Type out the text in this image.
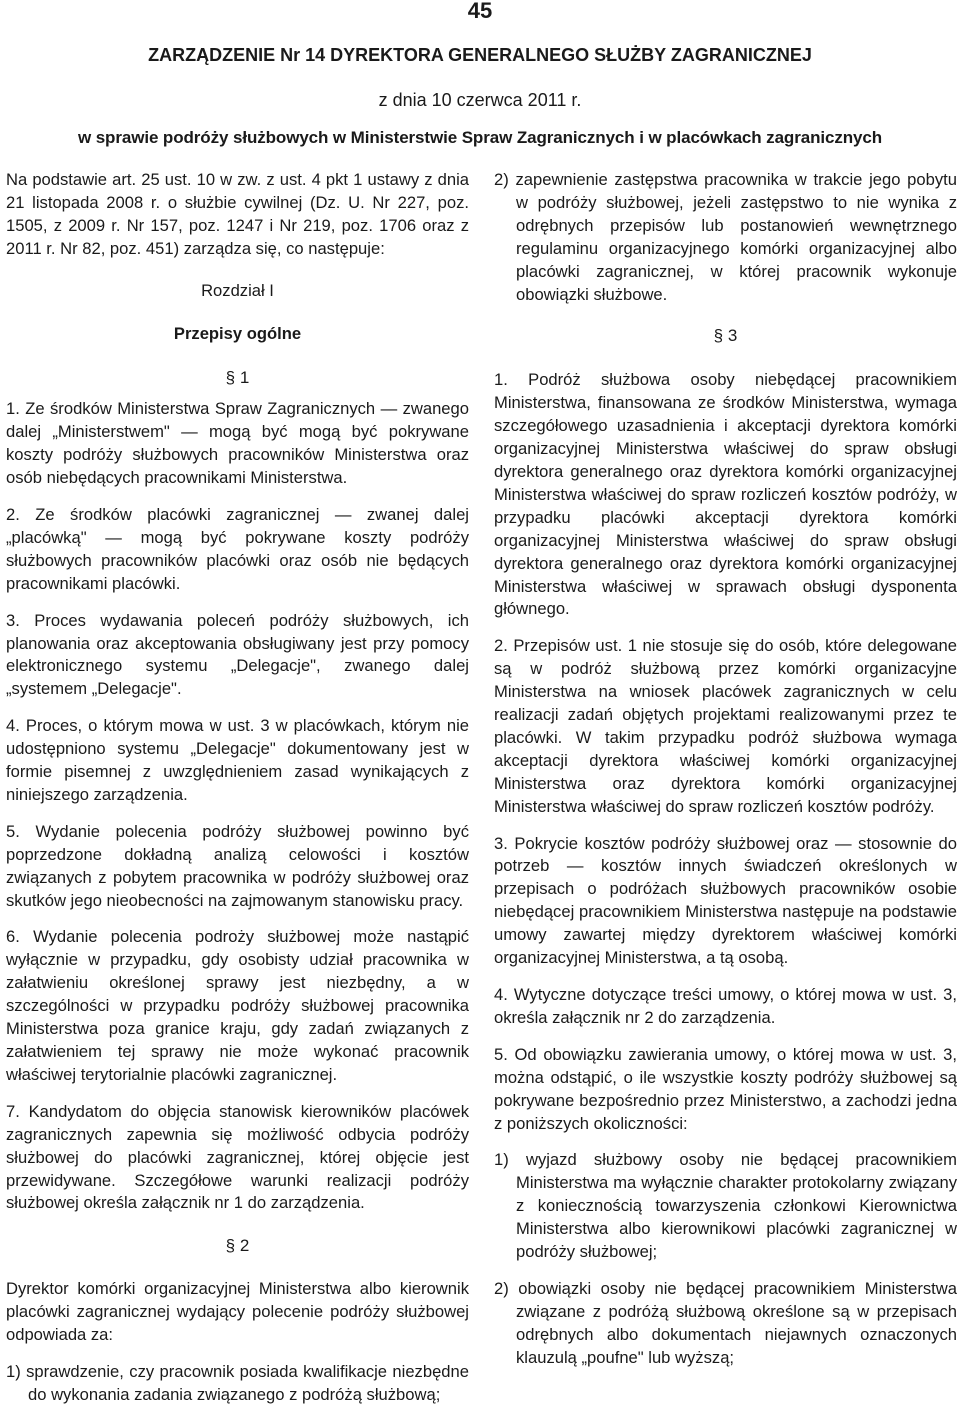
45
ZARZĄDZENIE Nr 14 DYREKTORA GENERALNEGO SŁUŻBY ZAGRANICZNEJ
z dnia 10 czerwca 2011 r.
w sprawie podróży służbowych w Ministerstwie Spraw Zagranicznych i w placówkach zagranicznych

Na podstawie art. 25 ust. 10 w zw. z ust. 4 pkt 1 ustawy z dnia 21 listopada 2008 r. o służbie cywilnej (Dz. U. Nr 227, poz. 1505, z 2009 r. Nr 157, poz. 1247 i Nr 219, poz. 1706 oraz z 2011 r. Nr 82, poz. 451) zarządza się, co następuje:

Rozdział I

Przepisy ogólne

§ 1

1. Ze środków Ministerstwa Spraw Zagranicznych — zwanego dalej „Ministerstwem" — mogą być mogą być pokrywane koszty podróży służbowych pracowników Ministerstwa oraz osób niebędących pracownikami Ministerstwa.

2. Ze środków placówki zagranicznej — zwanej dalej „placówką" — mogą być pokrywane koszty podróży służbowych pracowników placówki oraz osób nie będących pracownikami placówki.

3. Proces wydawania poleceń podróży służbowych, ich planowania oraz akceptowania obsługiwany jest przy pomocy elektronicznego systemu „Delegacje", zwanego dalej „systemem „Delegacje".

4. Proces, o którym mowa w ust. 3 w placówkach, którym nie udostępniono systemu „Delegacje" dokumentowany jest w formie pisemnej z uwzględnieniem zasad wynikających z niniejszego zarządzenia.

5. Wydanie polecenia podróży służbowej powinno być poprzedzone dokładną analizą celowości i kosztów związanych z pobytem pracownika w podróży służbowej oraz skutków jego nieobecności na zajmowanym stanowisku pracy.

6. Wydanie polecenia podroży służbowej może nastąpić wyłącznie w przypadku, gdy osobisty udział pracownika w załatwieniu określonej sprawy jest niezbędny, a w szczególności w przypadku podróży służbowej pracownika Ministerstwa poza granice kraju, gdy zadań związanych z załatwieniem tej sprawy nie może wykonać pracownik właściwej terytorialnie placówki zagranicznej.

7. Kandydatom do objęcia stanowisk kierowników placówek zagranicznych zapewnia się możliwość odbycia podróży służbowej do placówki zagranicznej, której objęcie jest przewidywane. Szczegółowe warunki realizacji podróży służbowej określa załącznik nr 1 do zarządzenia.

§ 2

Dyrektor komórki organizacyjnej Ministerstwa albo kierownik placówki zagranicznej wydający polecenie podróży służbowej odpowiada za:

1) sprawdzenie, czy pracownik posiada kwalifikacje niezbędne do wykonania zadania związanego z podróżą służbową;

2) zapewnienie zastępstwa pracownika w trakcie jego pobytu w podróży służbowej, jeżeli zastępstwo to nie wynika z odrębnych przepisów lub postanowień wewnętrznego regulaminu organizacyjnego komórki organizacyjnej albo placówki zagranicznej, w której pracownik wykonuje obowiązki służbowe.

§ 3

1. Podróż służbowa osoby niebędącej pracownikiem Ministerstwa, finansowana ze środków Ministerstwa, wymaga szczegółowego uzasadnienia i akceptacji dyrektora komórki organizacyjnej Ministerstwa właściwej do spraw obsługi dyrektora generalnego oraz dyrektora komórki organizacyjnej Ministerstwa właściwej do spraw rozliczeń kosztów podróży, w przypadku placówki akceptacji dyrektora komórki organizacyjnej Ministerstwa właściwej do spraw obsługi dyrektora generalnego oraz dyrektora komórki organizacyjnej Ministerstwa właściwej w sprawach obsługi dysponenta głównego.

2. Przepisów ust. 1 nie stosuje się do osób, które delegowane są w podróż służbową przez komórki organizacyjne Ministerstwa na wniosek placówek zagranicznych w celu realizacji zadań objętych projektami realizowanymi przez te placówki. W takim przypadku podróż służbowa wymaga akceptacji dyrektora właściwej komórki organizacyjnej Ministerstwa oraz dyrektora komórki organizacyjnej Ministerstwa właściwej do spraw rozliczeń kosztów podróży.

3. Pokrycie kosztów podróży służbowej oraz — stosownie do potrzeb — kosztów innych świadczeń określonych w przepisach o podróżach służbowych pracowników osobie niebędącej pracownikiem Ministerstwa następuje na podstawie umowy zawartej między dyrektorem właściwej komórki organizacyjnej Ministerstwa, a tą osobą.

4. Wytyczne dotyczące treści umowy, o której mowa w ust. 3, określa załącznik nr 2 do zarządzenia.

5. Od obowiązku zawierania umowy, o której mowa w ust. 3, można odstąpić, o ile wszystkie koszty podróży służbowej są pokrywane bezpośrednio przez Ministerstwo, a zachodzi jedna z poniższych okoliczności:

1) wyjazd służbowy osoby nie będącej pracownikiem Ministerstwa ma wyłącznie charakter protokolarny związany z koniecznością towarzyszenia członkowi Kierownictwa Ministerstwa albo kierownikowi placówki zagranicznej w podróży służbowej;

2) obowiązki osoby nie będącej pracownikiem Ministerstwa związane z podróżą służbową określone są w przepisach odrębnych albo dokumentach niejawnych oznaczonych klauzulą „poufne" lub wyższą;
